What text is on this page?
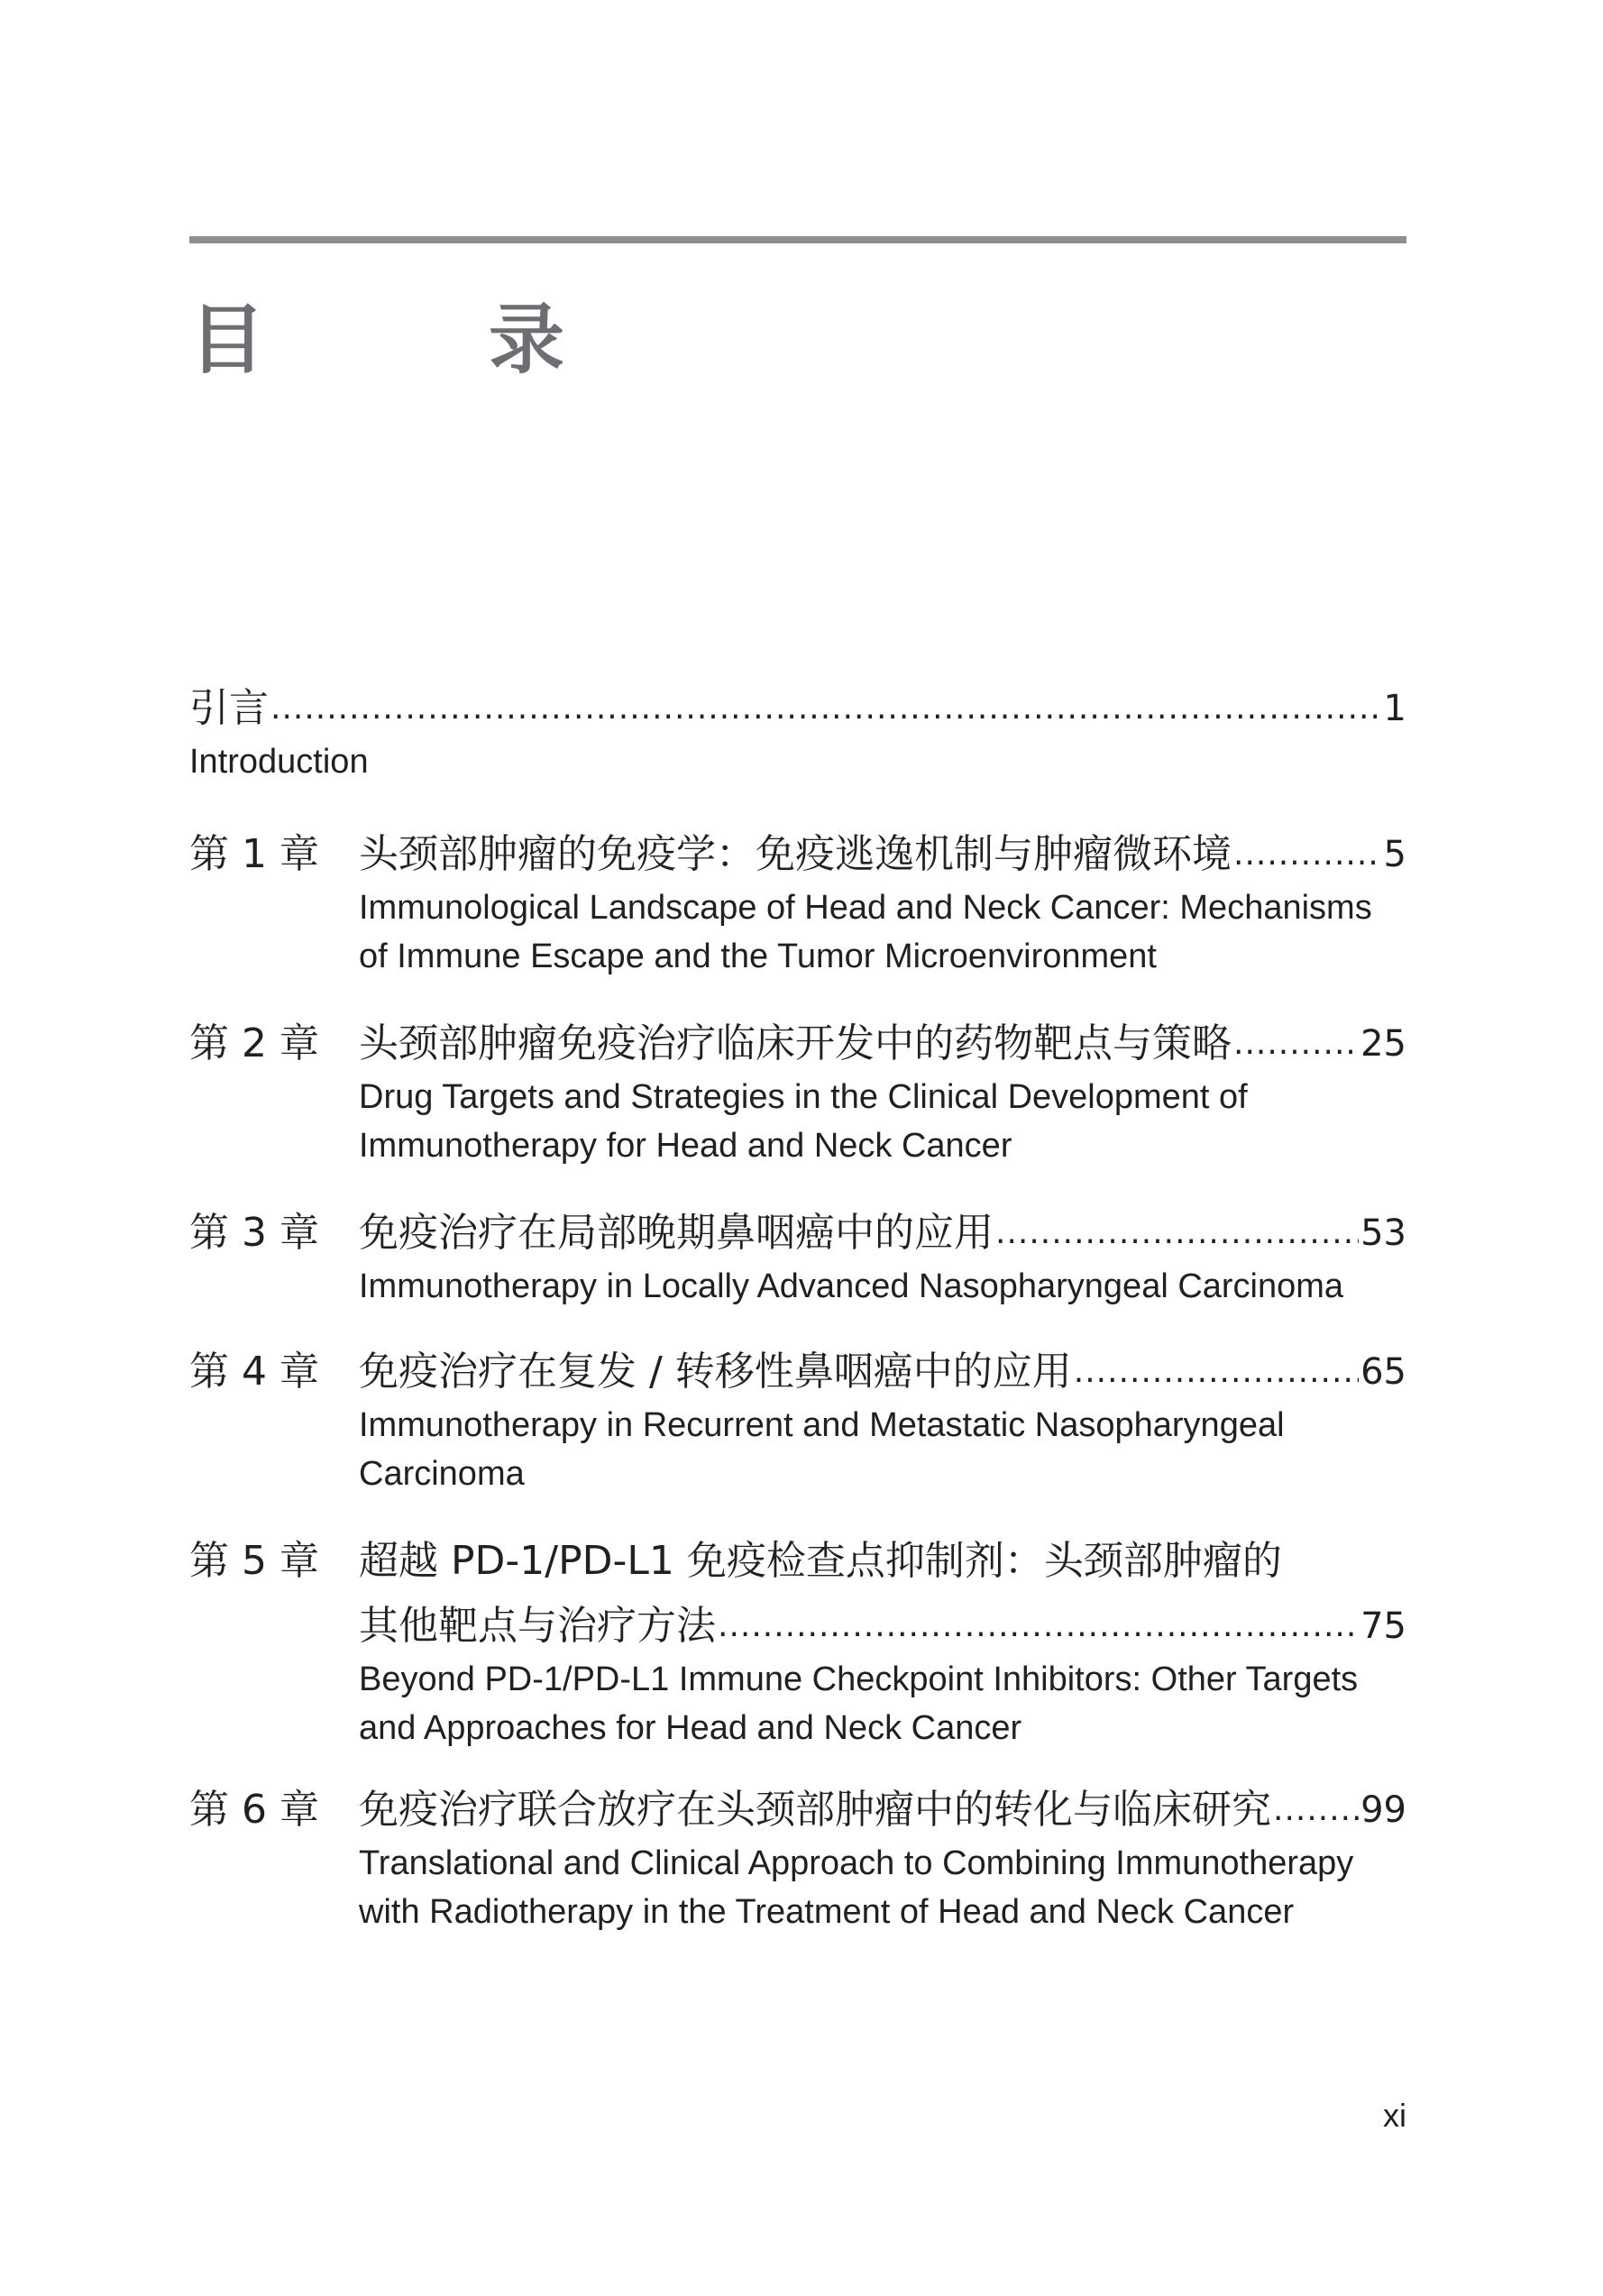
目　录
引言 .....	1
Introduction
第 1 章	头颈部肿瘤的免疫学：免疫逃逸机制与肿瘤微环境 .....	5
Immunological Landscape of Head and Neck Cancer: Mechanisms
of Immune Escape and the Tumor Microenvironment
第 2 章	头颈部肿瘤免疫治疗临床开发中的药物靶点与策略 .....	25
Drug Targets and Strategies in the Clinical Development of
Immunotherapy for Head and Neck Cancer
第 3 章	免疫治疗在局部晚期鼻咽癌中的应用 .....	53
Immunotherapy in Locally Advanced Nasopharyngeal Carcinoma
第 4 章	免疫治疗在复发 / 转移性鼻咽癌中的应用 .....	65
Immunotherapy in Recurrent and Metastatic Nasopharyngeal
Carcinoma
第 5 章	超越 PD-1/PD-L1 免疫检查点抑制剂：头颈部肿瘤的
其他靶点与治疗方法 .....	75
Beyond PD-1/PD-L1 Immune Checkpoint Inhibitors: Other Targets
and Approaches for Head and Neck Cancer
第 6 章	免疫治疗联合放疗在头颈部肿瘤中的转化与临床研究 ..... 99
Translational and Clinical Approach to Combining Immunotherapy
with Radiotherapy in the Treatment of Head and Neck Cancer
xi
